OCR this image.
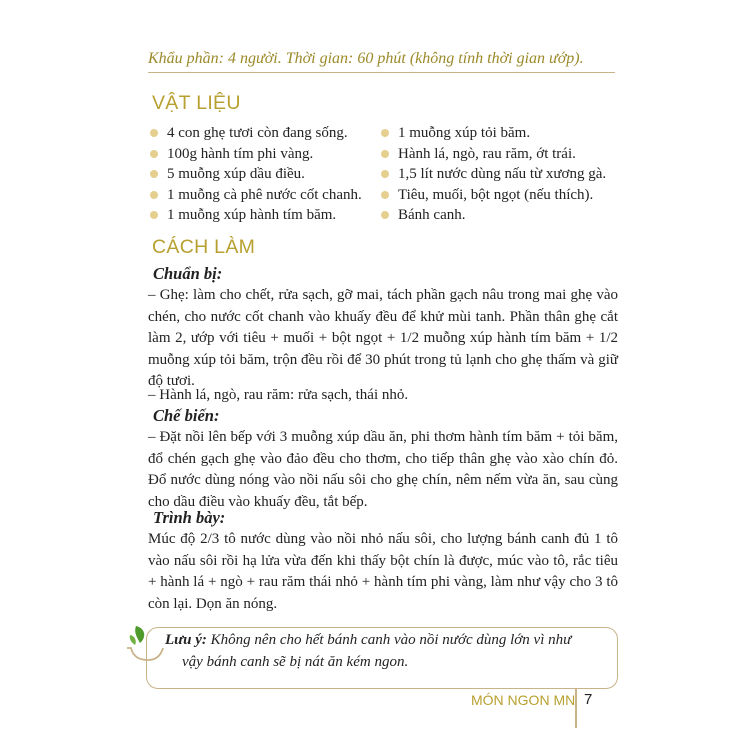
Khẩu phần: 4 người. Thời gian: 60 phút (không tính thời gian ướp).
VẬT LIỆU
4 con ghẹ tươi còn đang sống.
100g hành tím phi vàng.
5 muỗng xúp dầu điều.
1 muỗng cà phê nước cốt chanh.
1 muỗng xúp hành tím băm.
1 muỗng xúp tỏi băm.
Hành lá, ngò, rau răm, ớt trái.
1,5 lít nước dùng nấu từ xương gà.
Tiêu, muối, bột ngọt (nếu thích).
Bánh canh.
CÁCH LÀM
Chuẩn bị:

– Ghẹ: làm cho chết, rửa sạch, gỡ mai, tách phần gạch nâu trong mai ghẹ vào chén, cho nước cốt chanh vào khuấy đều để khử mùi tanh. Phần thân ghẹ cắt làm 2, ướp với tiêu + muối + bột ngọt + 1/2 muỗng xúp hành tím băm + 1/2 muỗng xúp tỏi băm, trộn đều rồi để 30 phút trong tủ lạnh cho ghẹ thấm và giữ độ tươi.

– Hành lá, ngò, rau răm: rửa sạch, thái nhỏ.

Chế biến:

– Đặt nồi lên bếp với 3 muỗng xúp dầu ăn, phi thơm hành tím băm + tỏi băm, đổ chén gạch ghẹ vào đảo đều cho thơm, cho tiếp thân ghẹ vào xào chín đỏ. Đổ nước dùng nóng vào nồi nấu sôi cho ghẹ chín, nêm nếm vừa ăn, sau cùng cho dầu điều vào khuấy đều, tắt bếp.

Trình bày:

Múc độ 2/3 tô nước dùng vào nồi nhỏ nấu sôi, cho lượng bánh canh đủ 1 tô vào nấu sôi rồi hạ lửa vừa đến khi thấy bột chín là được, múc vào tô, rắc tiêu + hành lá + ngò + rau răm thái nhỏ + hành tím phi vàng, làm như vậy cho 3 tô còn lại. Dọn ăn nóng.

Lưu ý: Không nên cho hết bánh canh vào nồi nước dùng lớn vì như
vậy bánh canh sẽ bị nát ăn kém ngon.

MÓN NGON MN 7
